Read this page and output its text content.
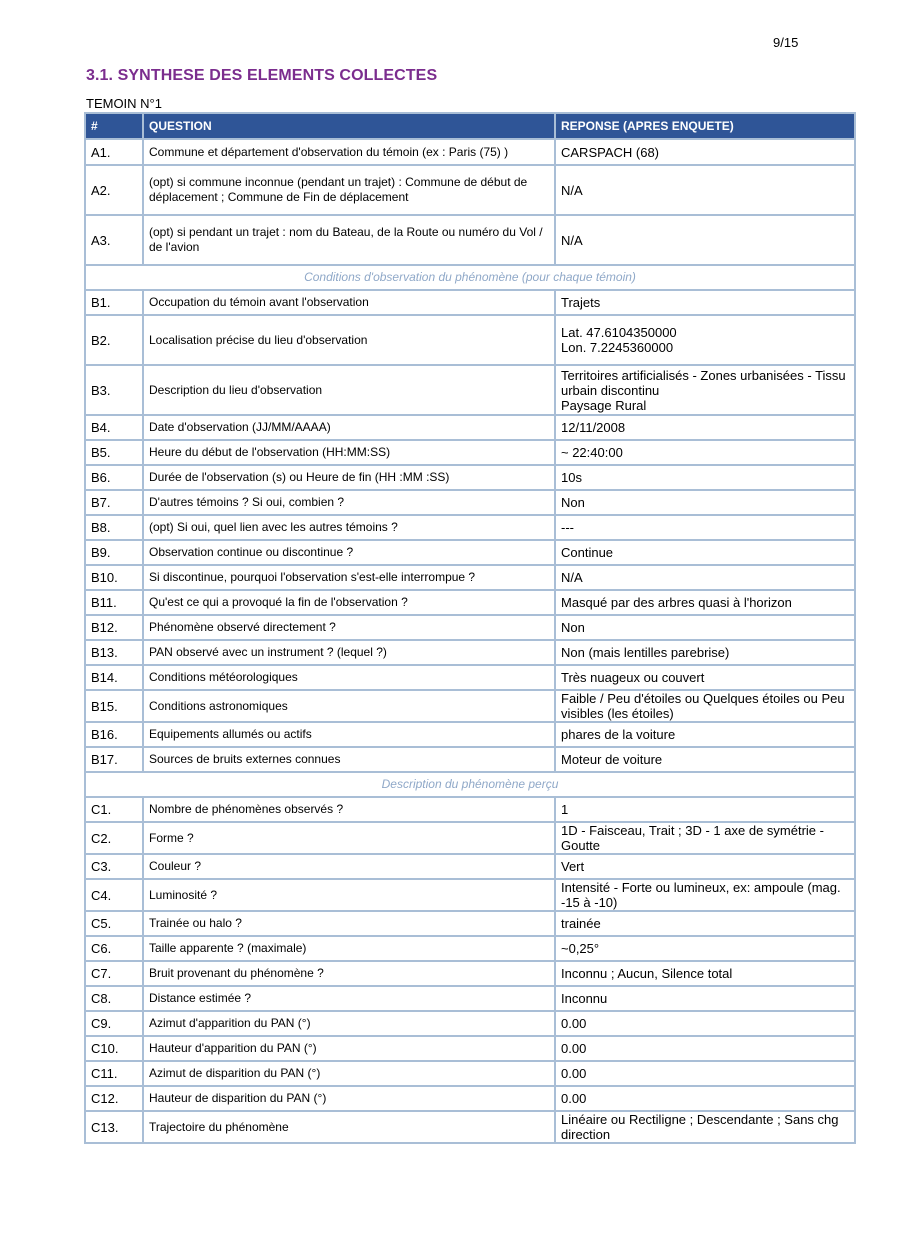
9/15
3.1. SYNTHESE DES ELEMENTS COLLECTES
TEMOIN N°1
#	QUESTION	REPONSE (APRES ENQUETE)
A1.	Commune et département d'observation du témoin (ex : Paris (75) )	CARSPACH (68)
A2.	(opt) si commune inconnue (pendant un trajet) : Commune de début de déplacement ; Commune de Fin de déplacement	N/A
A3.	(opt) si pendant un trajet : nom du Bateau, de la Route ou numéro du Vol / de l'avion	N/A
Conditions d'observation du phénomène (pour chaque témoin)		
B1.	Occupation du témoin avant l'observation	Trajets
B2.	Localisation précise du lieu d'observation	Lat. 47.6104350000
Lon. 7.2245360000
B3.	Description du lieu d'observation	Territoires artificialisés - Zones urbanisées - Tissu urbain discontinu
Paysage Rural
B4.	Date d'observation (JJ/MM/AAAA)	12/11/2008
B5.	Heure du début de l'observation (HH:MM:SS)	~ 22:40:00
B6.	Durée de l'observation (s) ou Heure de fin (HH :MM :SS)	10s
B7.	D'autres témoins ? Si oui, combien ?	Non
B8.	(opt) Si oui, quel lien avec les autres témoins ?	---
B9.	Observation continue ou discontinue ?	Continue
B10.	Si discontinue, pourquoi l'observation s'est-elle interrompue ?	N/A
B11.	Qu'est ce qui a provoqué la fin de l'observation ?	Masqué par des arbres quasi à l'horizon
B12.	Phénomène observé directement ?	Non
B13.	PAN observé avec un instrument ? (lequel ?)	Non (mais lentilles parebrise)
B14.	Conditions météorologiques	Très nuageux ou couvert
B15.	Conditions astronomiques	Faible / Peu d'étoiles ou Quelques étoiles ou Peu visibles (les étoiles)
B16.	Equipements allumés ou actifs	phares de la voiture
B17.	Sources de bruits externes connues	Moteur de voiture
Description du phénomène perçu		
C1.	Nombre de phénomènes observés ?	1
C2.	Forme ?	1D - Faisceau, Trait ; 3D - 1 axe de symétrie - Goutte
C3.	Couleur ?	Vert
C4.	Luminosité ?	Intensité - Forte ou lumineux, ex: ampoule (mag. -15 à -10)
C5.	Trainée ou halo ?	trainée
C6.	Taille apparente ? (maximale)	~0,25°
C7.	Bruit provenant du phénomène ?	Inconnu ; Aucun, Silence total
C8.	Distance estimée ?	Inconnu
C9.	Azimut d'apparition du PAN (°)	0.00
C10.	Hauteur d'apparition du PAN (°)	0.00
C11.	Azimut de disparition du PAN (°)	0.00
C12.	Hauteur de disparition du PAN (°)	0.00
C13.	Trajectoire du phénomène	Linéaire ou Rectiligne ; Descendante ; Sans chg direction
